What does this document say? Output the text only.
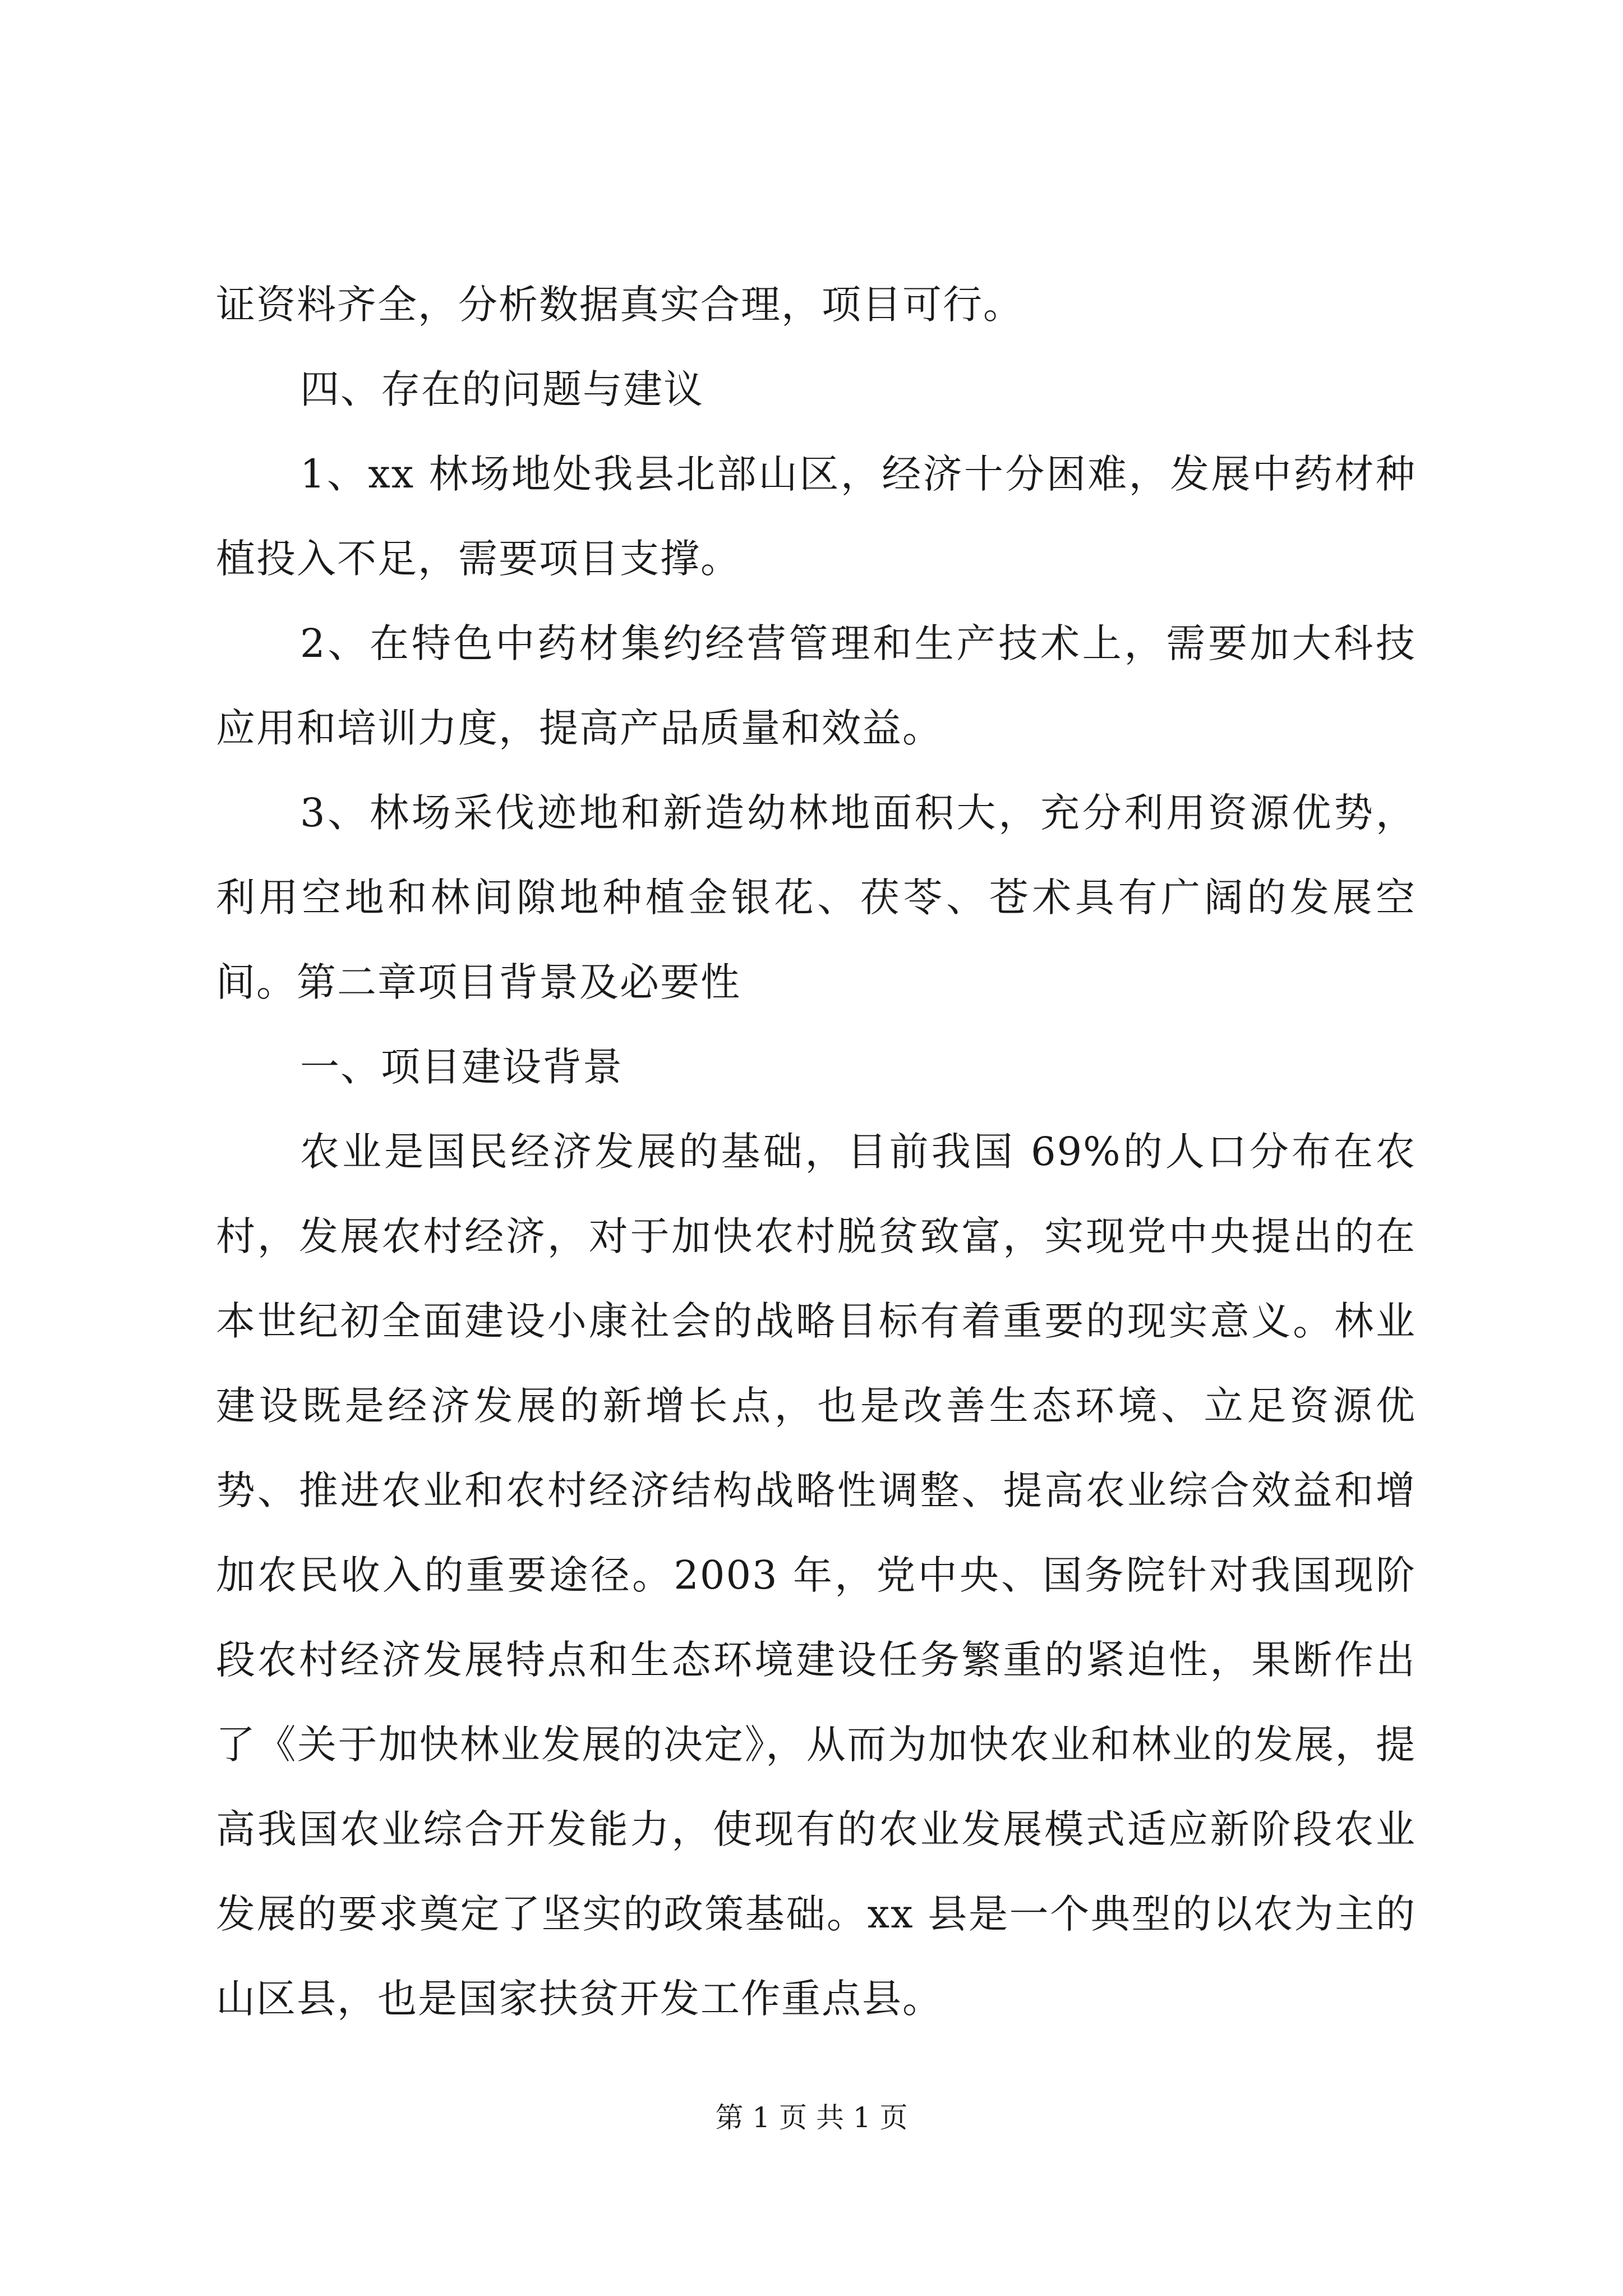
证资料齐全，分析数据真实合理，项目可行。

四、存在的问题与建议

1、xx 林场地处我县北部山区，经济十分困难，发展中药材种植投入不足，需要项目支撑。

2、在特色中药材集约经营管理和生产技术上，需要加大科技应用和培训力度，提高产品质量和效益。

3、林场采伐迹地和新造幼林地面积大，充分利用资源优势，利用空地和林间隙地种植金银花、茯苓、苍术具有广阔的发展空间。第二章项目背景及必要性

一、项目建设背景

农业是国民经济发展的基础，目前我国 69%的人口分布在农村，发展农村经济，对于加快农村脱贫致富，实现党中央提出的在本世纪初全面建设小康社会的战略目标有着重要的现实意义。林业建设既是经济发展的新增长点，也是改善生态环境、立足资源优势、推进农业和农村经济结构战略性调整、提高农业综合效益和增加农民收入的重要途径。2003 年，党中央、国务院针对我国现阶段农村经济发展特点和生态环境建设任务繁重的紧迫性，果断作出了《关于加快林业发展的决定》，从而为加快农业和林业的发展，提高我国农业综合开发能力，使现有的农业发展模式适应新阶段农业发展的要求奠定了坚实的政策基础。xx 县是一个典型的以农为主的山区县，也是国家扶贫开发工作重点县。

第 1 页 共 1 页
